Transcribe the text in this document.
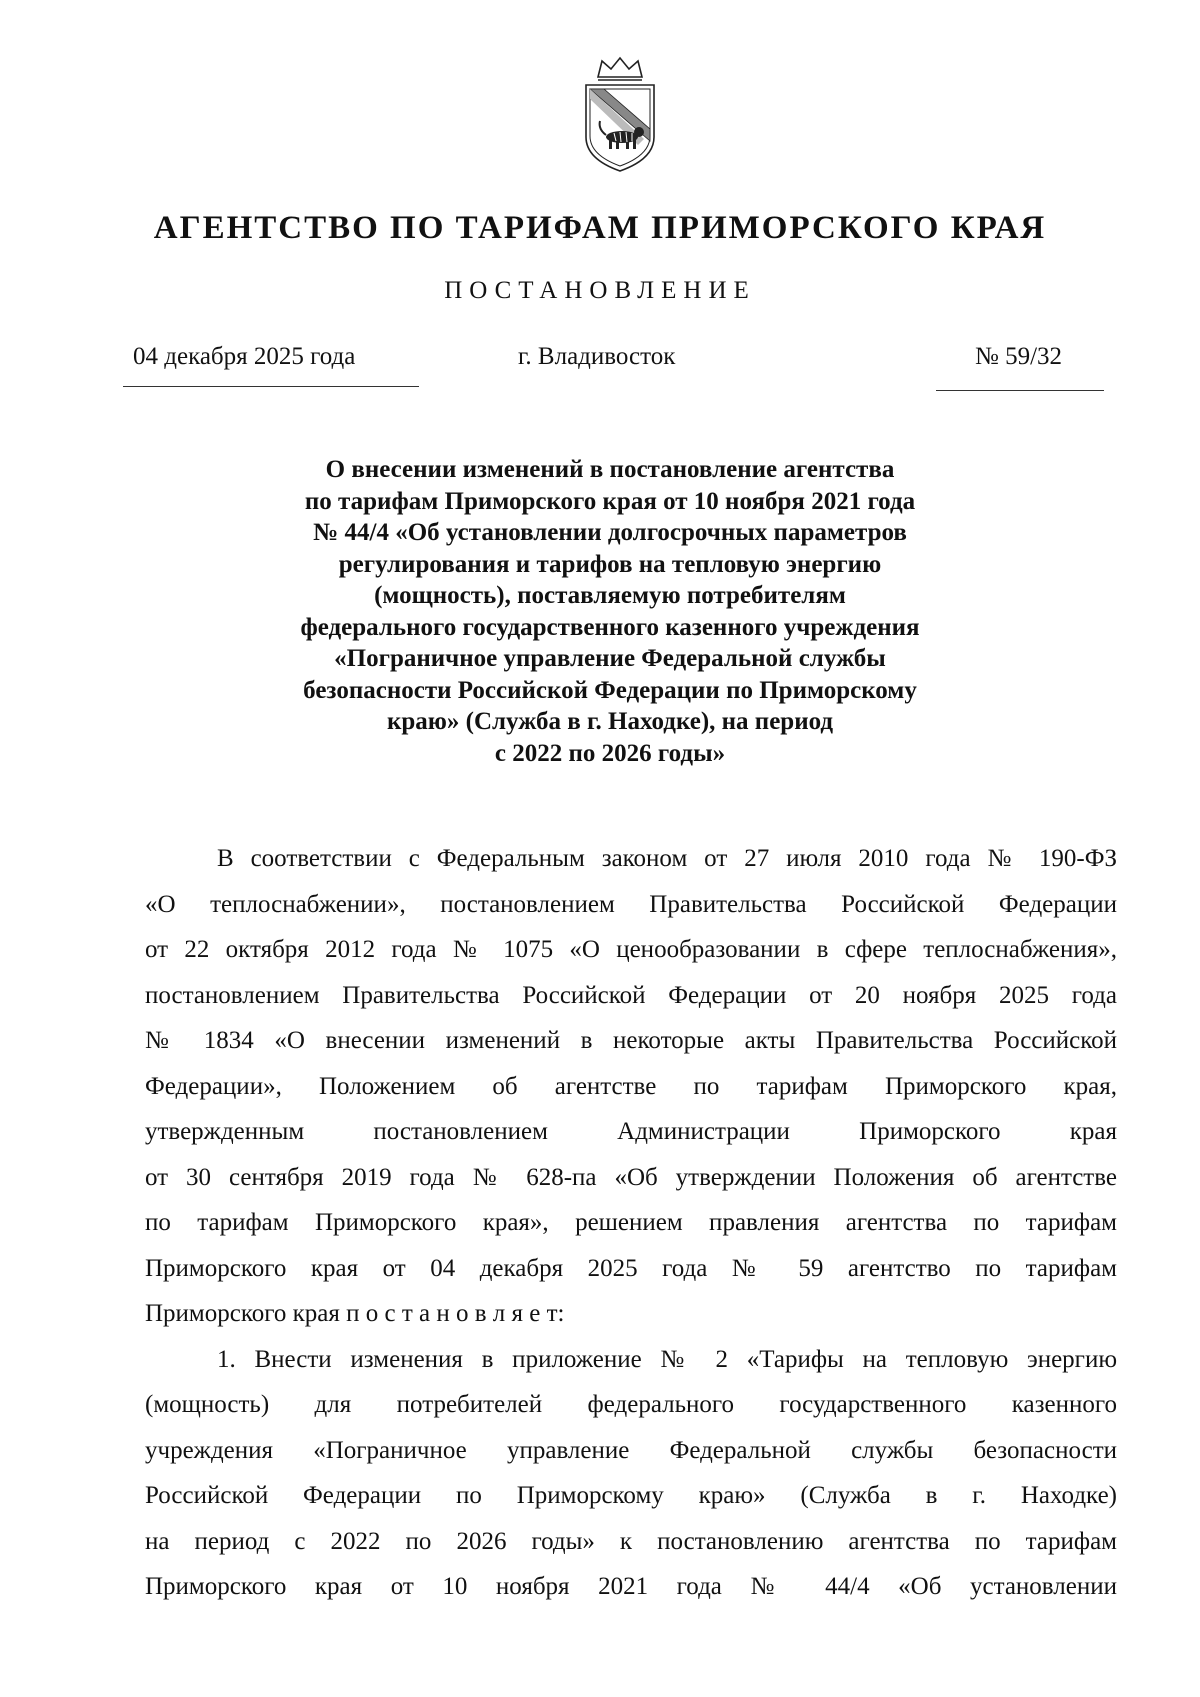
АГЕНТСТВО ПО ТАРИФАМ ПРИМОРСКОГО КРАЯ
ПОСТАНОВЛЕНИЕ
04 декабря 2025 года	г. Владивосток	№ 59/32
О внесении изменений в постановление агентства
по тарифам Приморского края от 10 ноября 2021 года
№ 44/4 «Об установлении долгосрочных параметров
регулирования и тарифов на тепловую энергию
(мощность), поставляемую потребителям
федерального государственного казенного учреждения
«Пограничное управление Федеральной службы
безопасности Российской Федерации по Приморскому
краю» (Служба в г. Находке), на период
с 2022 по 2026 годы»

В соответствии с Федеральным законом от 27 июля 2010 года № 190-ФЗ
«О теплоснабжении», постановлением Правительства Российской Федерации
от 22 октября 2012 года № 1075 «О ценообразовании в сфере теплоснабжения»,
постановлением Правительства Российской Федерации от 20 ноября 2025 года
№ 1834 «О внесении изменений в некоторые акты Правительства Российской
Федерации», Положением об агентстве по тарифам Приморского края,
утвержденным постановлением Администрации Приморского края
от 30 сентября 2019 года № 628-па «Об утверждении Положения об агентстве
по тарифам Приморского края», решением правления агентства по тарифам
Приморского края от 04 декабря 2025 года № 59 агентство по тарифам
Приморского края п о с т а н о в л я е т:

1. Внести изменения в приложение № 2 «Тарифы на тепловую энергию
(мощность) для потребителей федерального государственного казенного
учреждения «Пограничное управление Федеральной службы безопасности
Российской Федерации по Приморскому краю» (Служба в г. Находке)
на период с 2022 по 2026 годы» к постановлению агентства по тарифам
Приморского края от 10 ноября 2021 года № 44/4 «Об установлении
